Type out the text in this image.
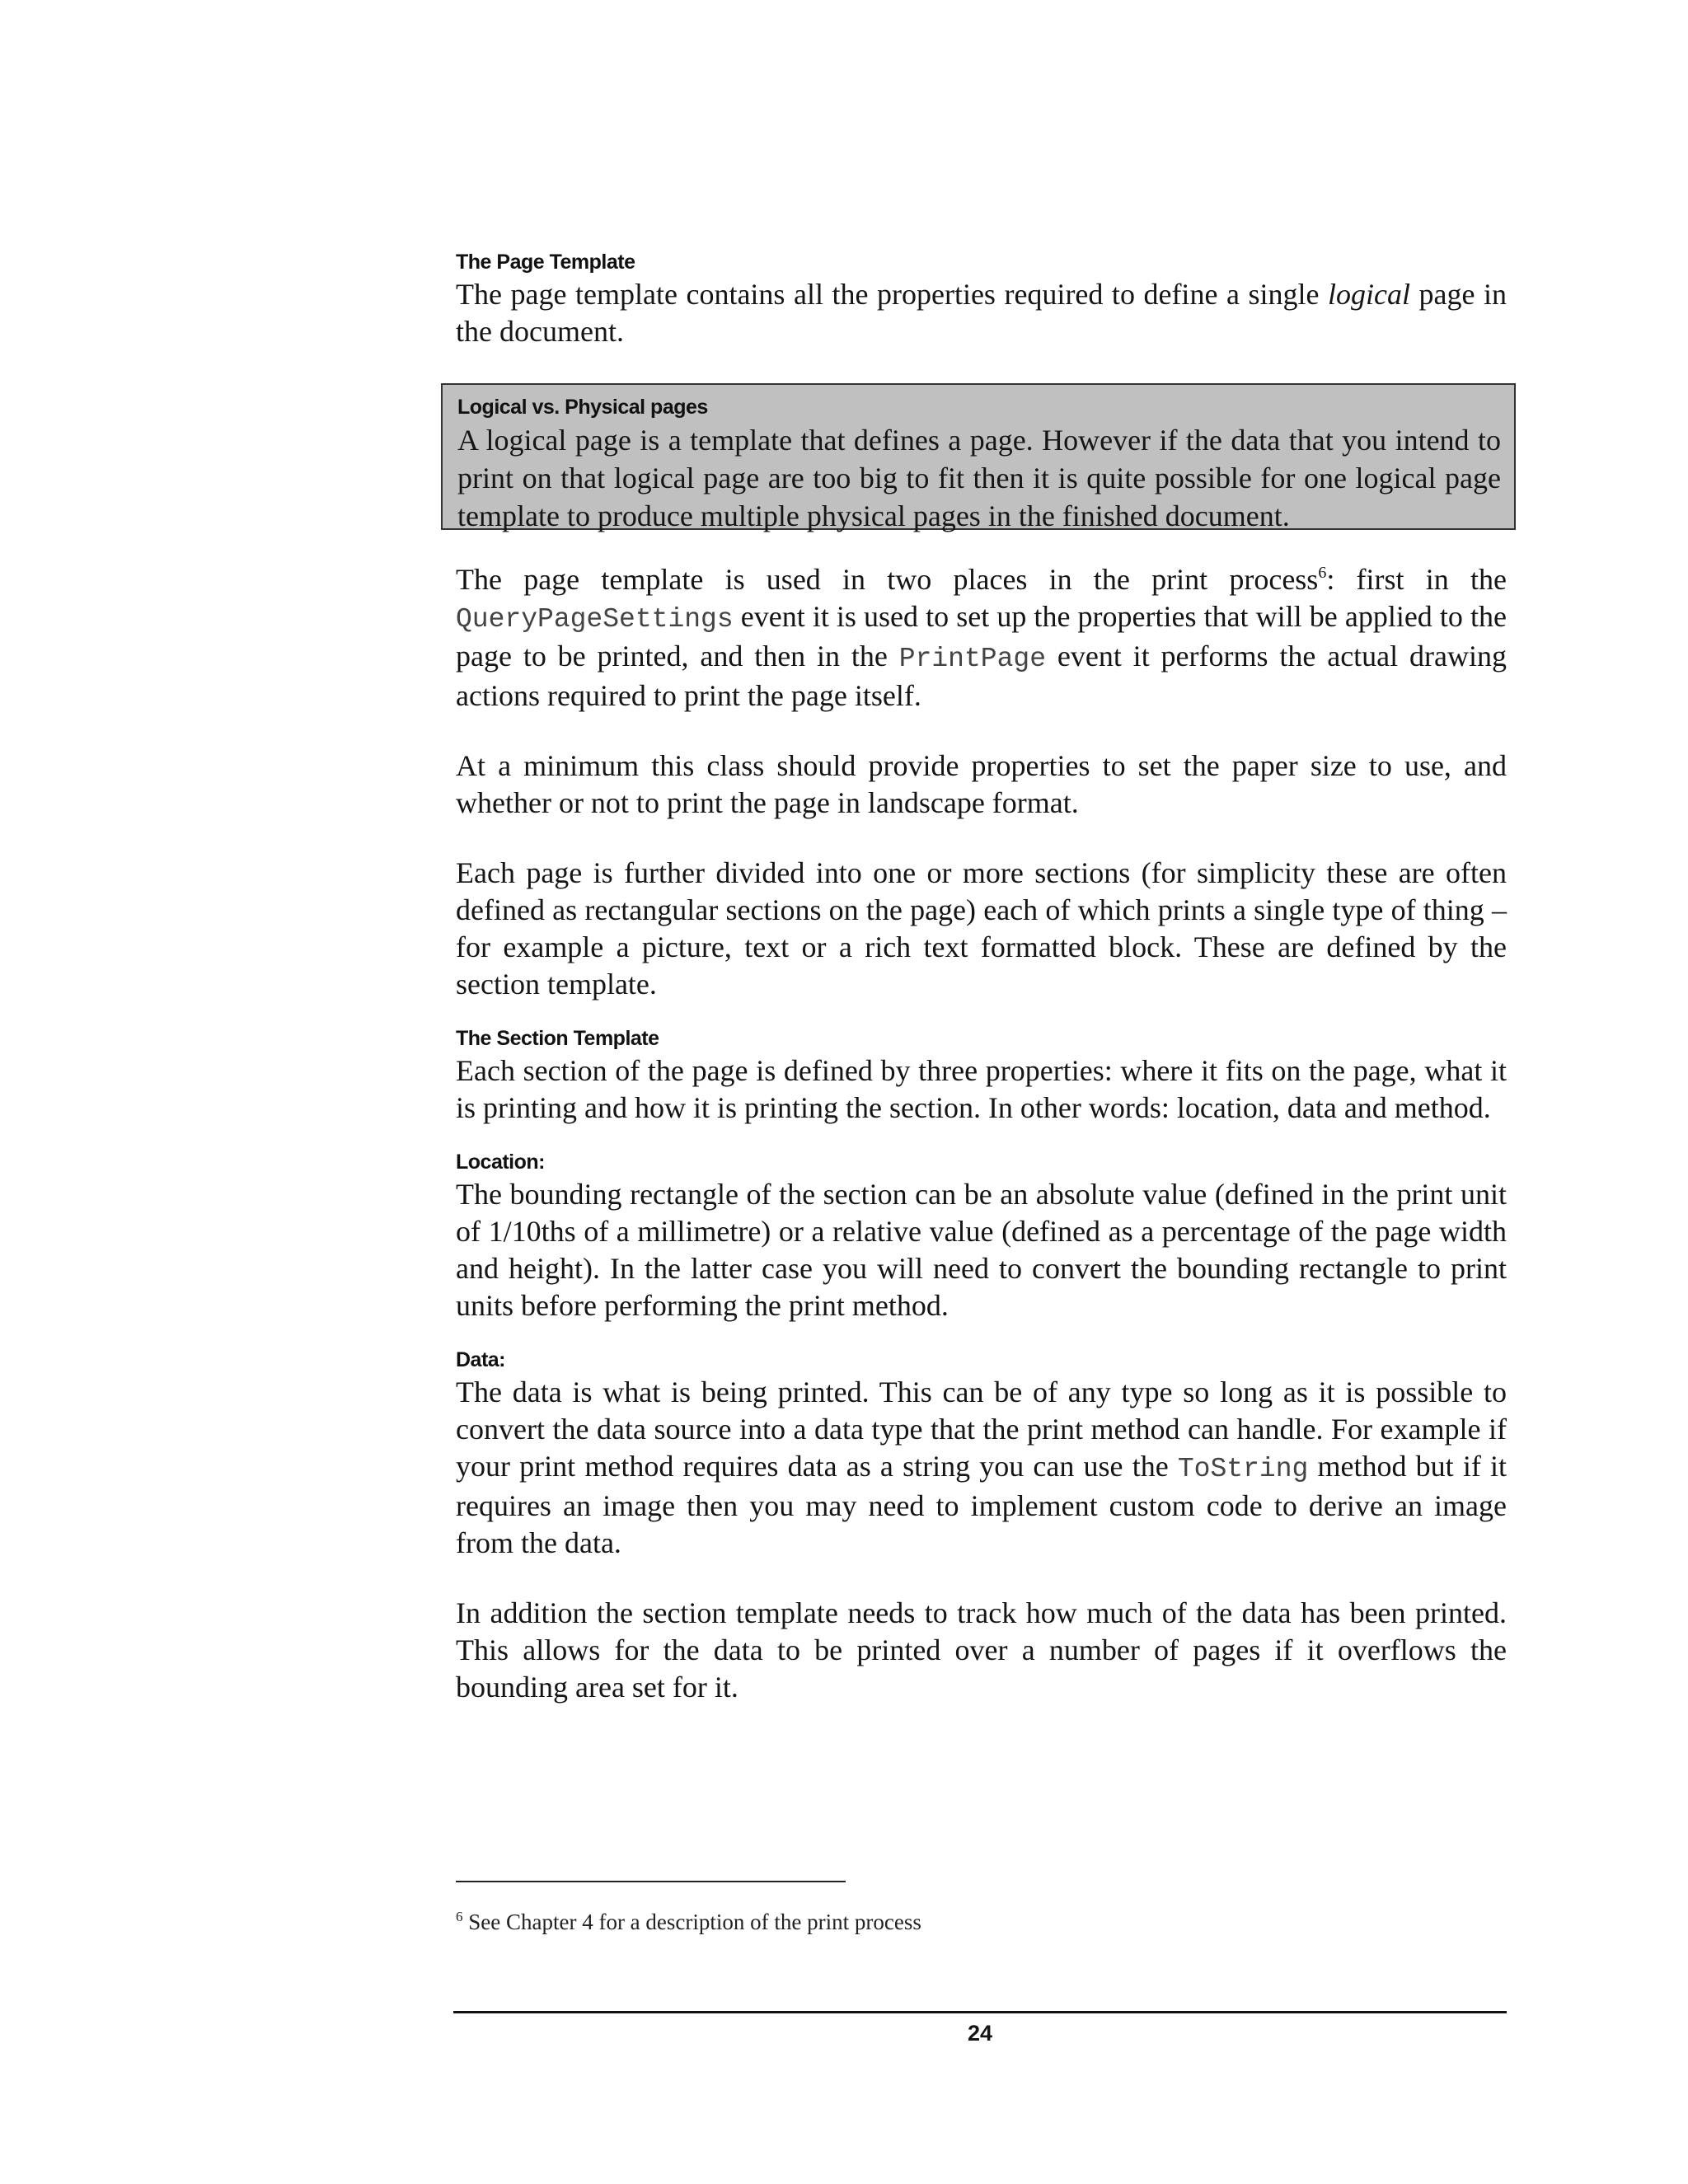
The Page Template

The page template contains all the properties required to define a single logical page in the document.

Logical vs. Physical pages

A logical page is a template that defines a page. However if the data that you intend to print on that logical page are too big to fit then it is quite possible for one logical page template to produce multiple physical pages in the finished document.

The page template is used in two places in the print process$^6$: first in the QueryPageSettings event it is used to set up the properties that will be applied to the page to be printed, and then in the PrintPage event it performs the actual drawing actions required to print the page itself.

At a minimum this class should provide properties to set the paper size to use, and whether or not to print the page in landscape format.

Each page is further divided into one or more sections (for simplicity these are often defined as rectangular sections on the page) each of which prints a single type of thing – for example a picture, text or a rich text formatted block. These are defined by the section template.

The Section Template

Each section of the page is defined by three properties: where it fits on the page, what it is printing and how it is printing the section. In other words: location, data and method.

Location:

The bounding rectangle of the section can be an absolute value (defined in the print unit of 1/10ths of a millimetre) or a relative value (defined as a percentage of the page width and height). In the latter case you will need to convert the bounding rectangle to print units before performing the print method.

Data:

The data is what is being printed. This can be of any type so long as it is possible to convert the data source into a data type that the print method can handle. For example if your print method requires data as a string you can use the ToString method but if it requires an image then you may need to implement custom code to derive an image from the data.

In addition the section template needs to track how much of the data has been printed. This allows for the data to be printed over a number of pages if it overflows the bounding area set for it.

$^6$ See Chapter 4 for a description of the print process
24
